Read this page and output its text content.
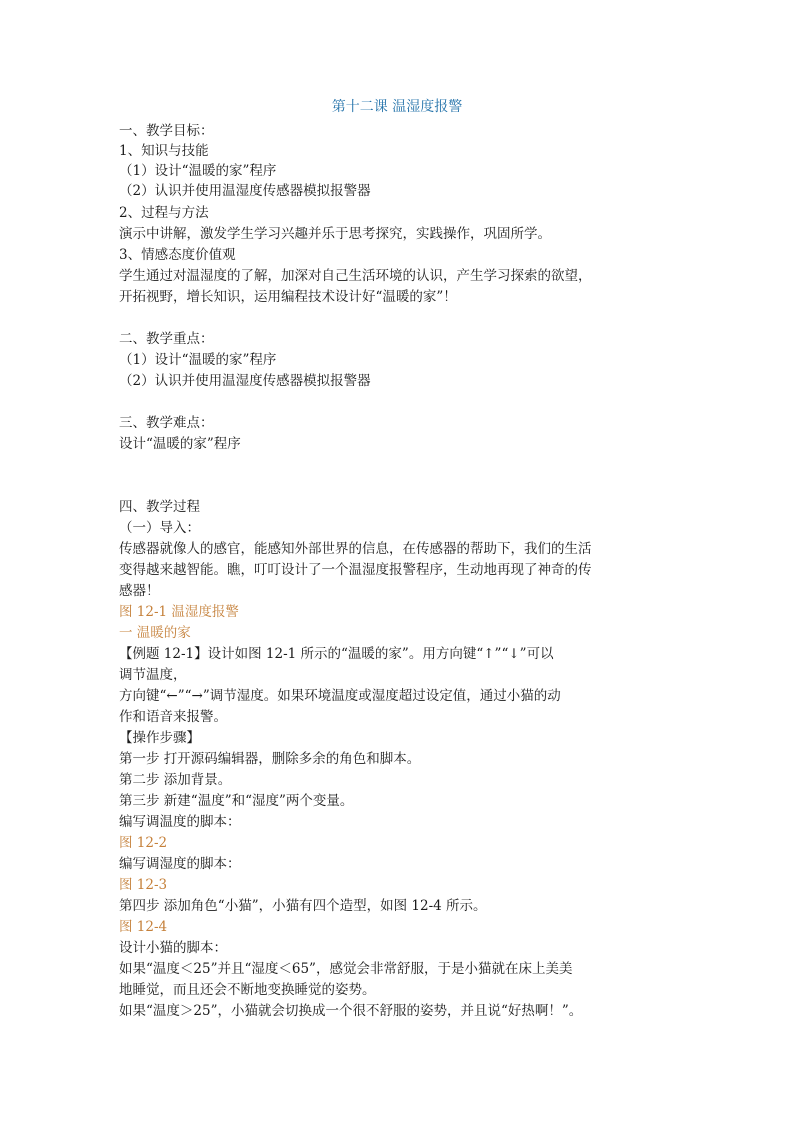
第十二课 温湿度报警
一、教学目标：
1、知识与技能
（1）设计“温暖的家”程序
（2）认识并使用温湿度传感器模拟报警器
2、过程与方法
演示中讲解，激发学生学习兴趣并乐于思考探究，实践操作，巩固所学。
3、情感态度价值观
学生通过对温湿度的了解，加深对自己生活环境的认识，产生学习探索的欲望，
开拓视野，增长知识，运用编程技术设计好“温暖的家”！
二、教学重点：
（1）设计“温暖的家”程序
（2）认识并使用温湿度传感器模拟报警器
三、教学难点：
设计“温暖的家”程序
四、教学过程
（一）导入：
传感器就像人的感官，能感知外部世界的信息，在传感器的帮助下，我们的生活
变得越来越智能。瞧，叮叮设计了一个温湿度报警程序，生动地再现了神奇的传
感器！
图 12-1 温湿度报警
一 温暖的家
【例题 12-1】设计如图 12-1 所示的“温暖的家”。用方向键“↑”“↓”可以
调节温度，
方向键“←”“→”调节湿度。如果环境温度或湿度超过设定值，通过小猫的动
作和语音来报警。
【操作步骤】
第一步 打开源码编辑器，删除多余的角色和脚本。
第二步 添加背景。
第三步 新建“温度”和“湿度”两个变量。
编写调温度的脚本：
图 12-2
编写调湿度的脚本：
图 12-3
第四步 添加角色“小猫”，小猫有四个造型，如图 12-4 所示。
图 12-4
设计小猫的脚本：
如果“温度＜25”并且“湿度＜65”，感觉会非常舒服，于是小猫就在床上美美
地睡觉，而且还会不断地变换睡觉的姿势。
如果“温度＞25”，小猫就会切换成一个很不舒服的姿势，并且说“好热啊！”。
